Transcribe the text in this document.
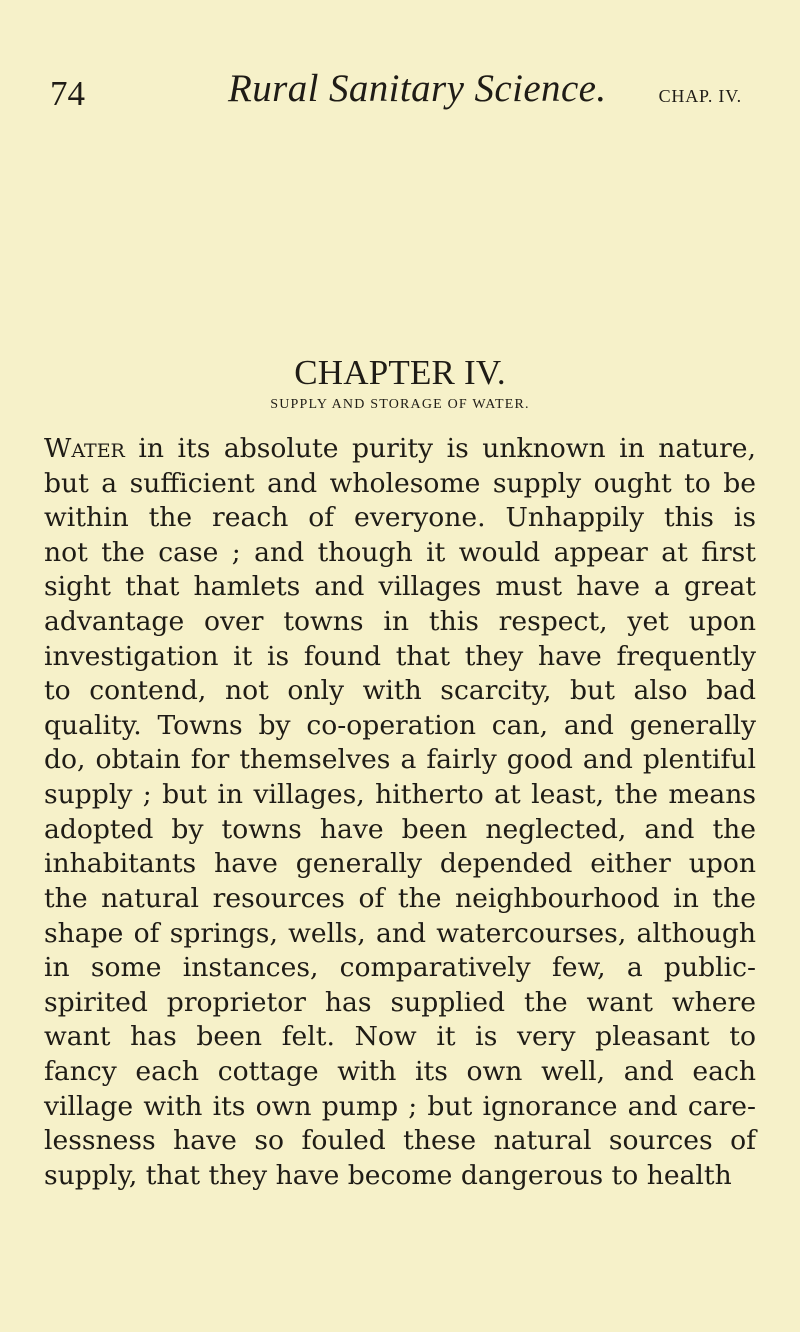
74	Rural Sanitary Science.	CHAP. IV.
CHAPTER IV.
SUPPLY AND STORAGE OF WATER.
Water in its absolute purity is unknown in nature,
but a sufficient and wholesome supply ought to be
within the reach of everyone. Unhappily this is
not the case ; and though it would appear at first
sight that hamlets and villages must have a great
advantage over towns in this respect, yet upon
investigation it is found that they have frequently
to contend, not only with scarcity, but also bad
quality. Towns by co-operation can, and generally
do, obtain for themselves a fairly good and plentiful
supply ; but in villages, hitherto at least, the means
adopted by towns have been neglected, and the
inhabitants have generally depended either upon
the natural resources of the neighbourhood in the
shape of springs, wells, and watercourses, although
in some instances, comparatively few, a public-
spirited proprietor has supplied the want where
want has been felt. Now it is very pleasant to
fancy each cottage with its own well, and each
village with its own pump ; but ignorance and care-
lessness have so fouled these natural sources of
supply, that they have become dangerous to health
